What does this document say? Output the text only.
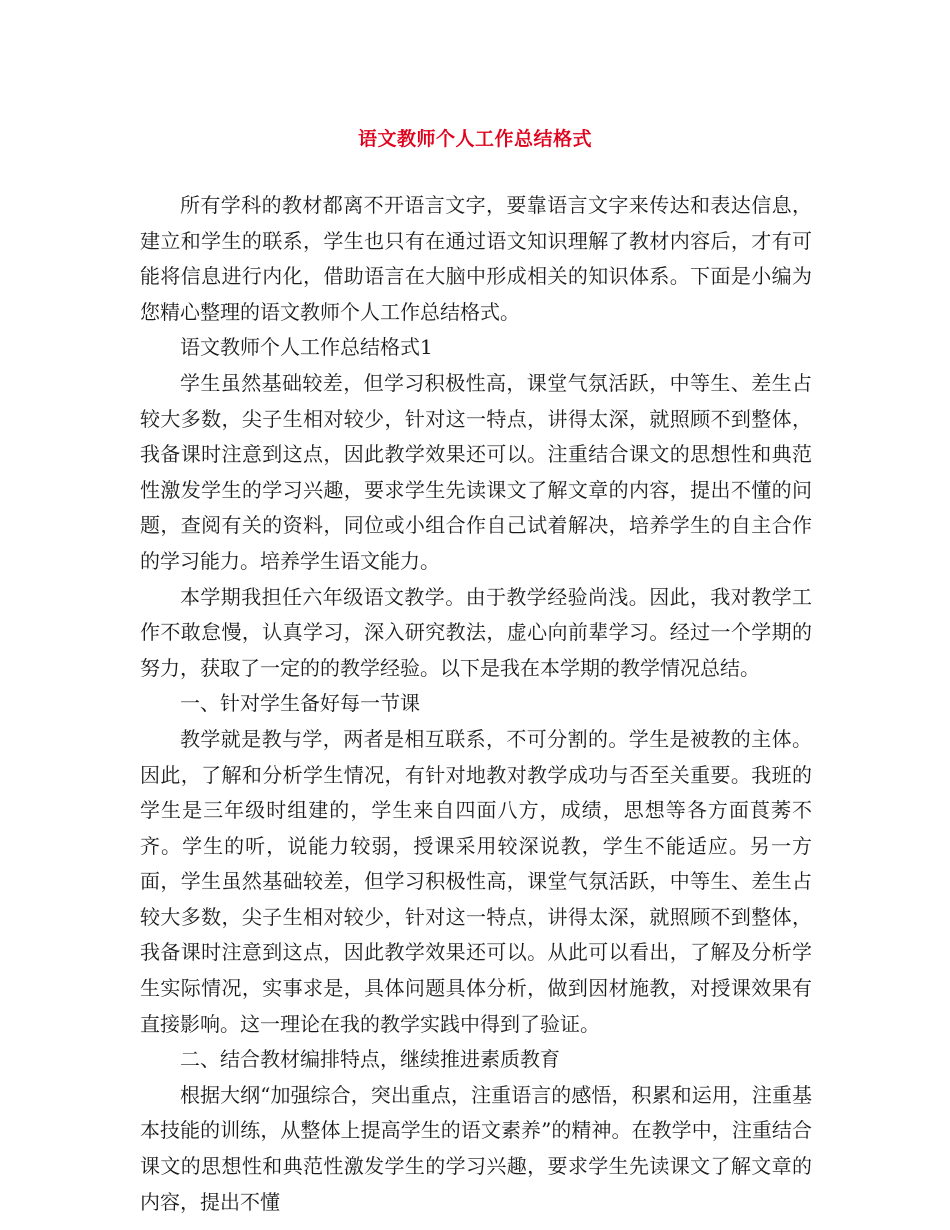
语文教师个人工作总结格式

所有学科的教材都离不开语言文字，要靠语言文字来传达和表达信息，建立和学生的联系，学生也只有在通过语文知识理解了教材内容后，才有可能将信息进行内化，借助语言在大脑中形成相关的知识体系。下面是小编为您精心整理的语文教师个人工作总结格式。

语文教师个人工作总结格式1

学生虽然基础较差，但学习积极性高，课堂气氛活跃，中等生、差生占较大多数，尖子生相对较少，针对这一特点，讲得太深，就照顾不到整体，我备课时注意到这点，因此教学效果还可以。注重结合课文的思想性和典范性激发学生的学习兴趣，要求学生先读课文了解文章的内容，提出不懂的问题，查阅有关的资料，同位或小组合作自己试着解决，培养学生的自主合作的学习能力。培养学生语文能力。

本学期我担任六年级语文教学。由于教学经验尚浅。因此，我对教学工作不敢怠慢，认真学习，深入研究教法，虚心向前辈学习。经过一个学期的努力，获取了一定的的教学经验。以下是我在本学期的教学情况总结。

一、针对学生备好每一节课

教学就是教与学，两者是相互联系，不可分割的。学生是被教的主体。因此，了解和分析学生情况，有针对地教对教学成功与否至关重要。我班的学生是三年级时组建的，学生来自四面八方，成绩，思想等各方面莨莠不齐。学生的听，说能力较弱，授课采用较深说教，学生不能适应。另一方面，学生虽然基础较差，但学习积极性高，课堂气氛活跃，中等生、差生占较大多数，尖子生相对较少，针对这一特点，讲得太深，就照顾不到整体，我备课时注意到这点，因此教学效果还可以。从此可以看出，了解及分析学生实际情况，实事求是，具体问题具体分析，做到因材施教，对授课效果有直接影响。这一理论在我的教学实践中得到了验证。

二、结合教材编排特点，继续推进素质教育

根据大纲“加强综合，突出重点，注重语言的感悟，积累和运用，注重基本技能的训练，从整体上提高学生的语文素养”的精神。在教学中，注重结合课文的思想性和典范性激发学生的学习兴趣，要求学生先读课文了解文章的内容，提出不懂
